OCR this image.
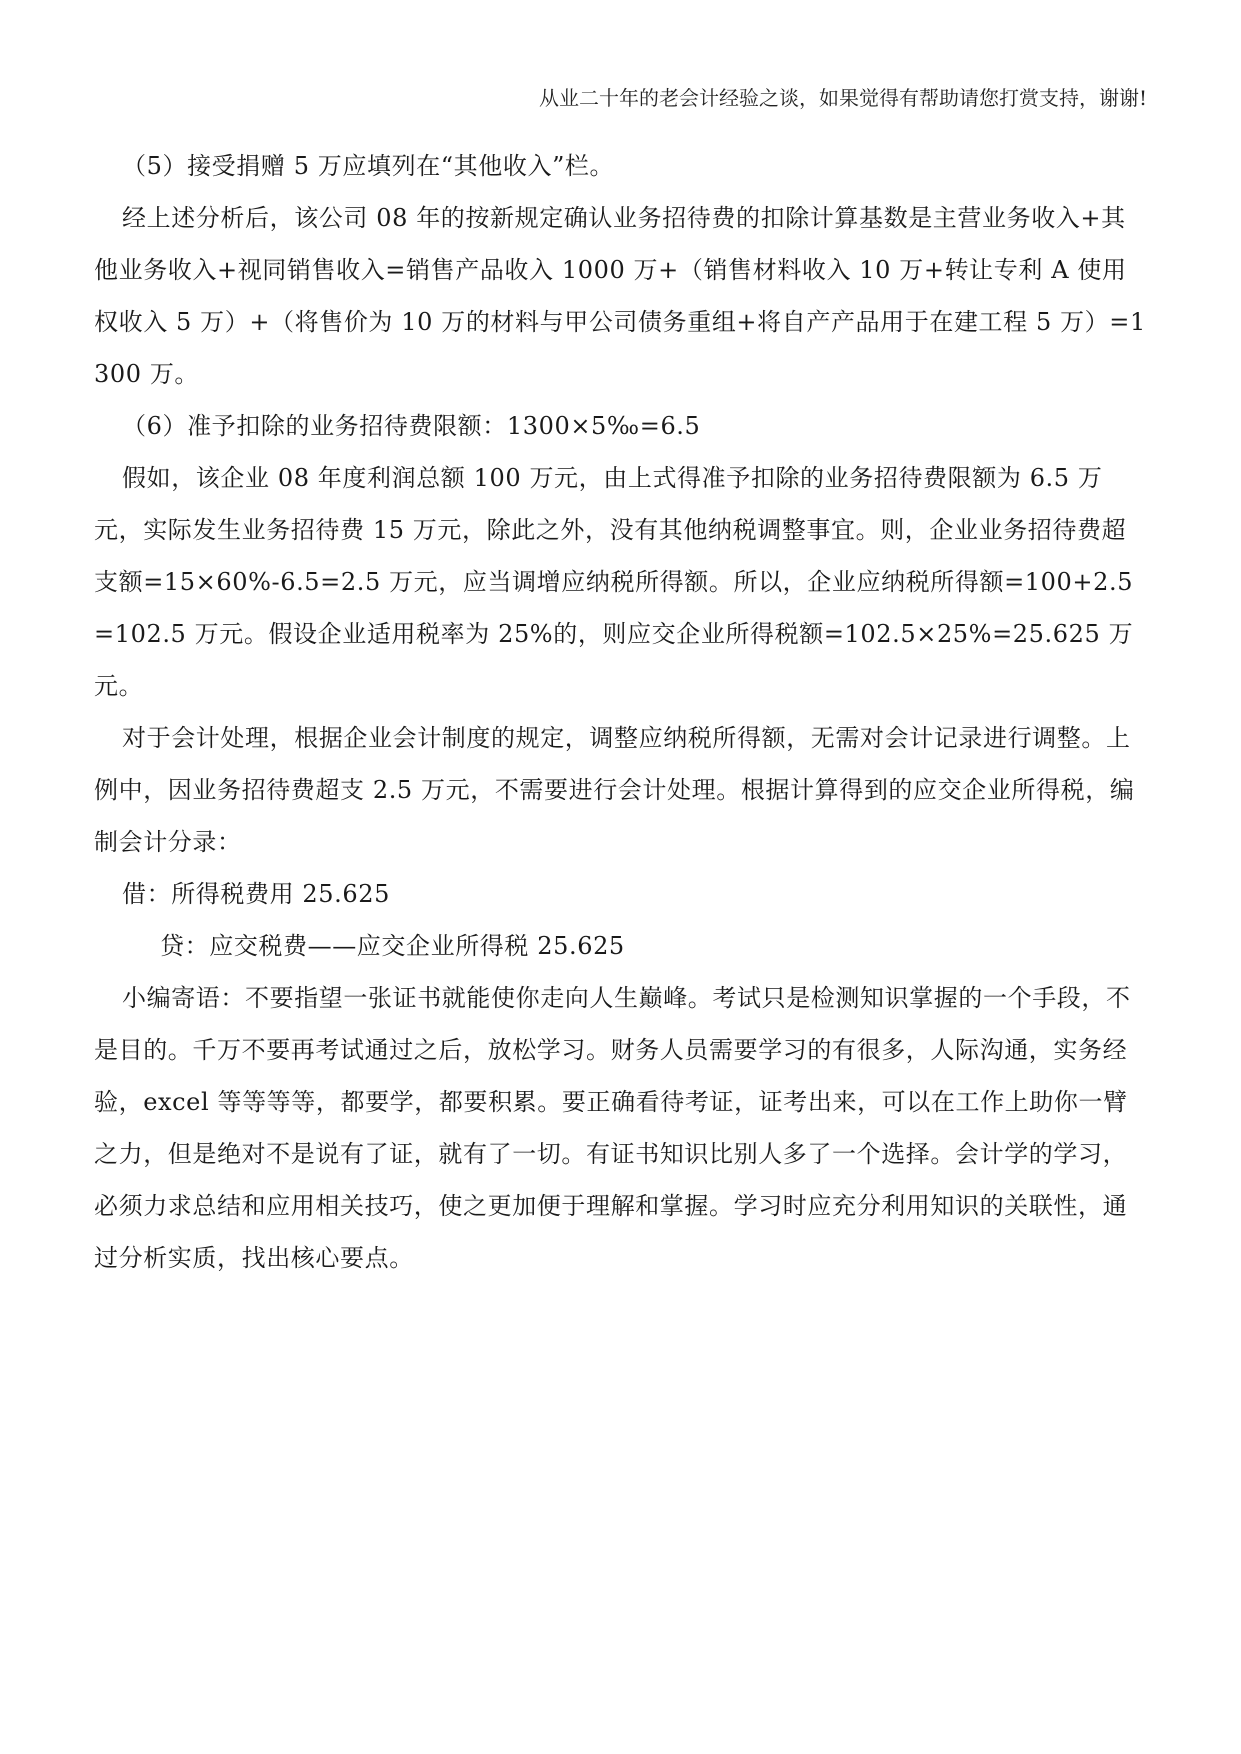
从业二十年的老会计经验之谈，如果觉得有帮助请您打赏支持，谢谢!

（5）接受捐赠 5 万应填列在“其他收入”栏。

经上述分析后，该公司 08 年的按新规定确认业务招待费的扣除计算基数是主营业务收入+其他业务收入+视同销售收入=销售产品收入 1000 万+（销售材料收入 10 万+转让专利 A 使用权收入 5 万）+（将售价为 10 万的材料与甲公司债务重组+将自产产品用于在建工程 5 万）=1300 万。

（6）准予扣除的业务招待费限额：1300×5‰=6.5

假如，该企业 08 年度利润总额 100 万元，由上式得准予扣除的业务招待费限额为 6.5 万元，实际发生业务招待费 15 万元，除此之外，没有其他纳税调整事宜。则，企业业务招待费超支额=15×60%-6.5=2.5 万元，应当调增应纳税所得额。所以，企业应纳税所得额=100+2.5=102.5 万元。假设企业适用税率为 25%的，则应交企业所得税额=102.5×25%=25.625 万元。

对于会计处理，根据企业会计制度的规定，调整应纳税所得额，无需对会计记录进行调整。上例中，因业务招待费超支 2.5 万元，不需要进行会计处理。根据计算得到的应交企业所得税，编制会计分录：

借：所得税费用 25.625

贷：应交税费——应交企业所得税 25.625

小编寄语：不要指望一张证书就能使你走向人生巅峰。考试只是检测知识掌握的一个手段，不是目的。千万不要再考试通过之后，放松学习。财务人员需要学习的有很多，人际沟通，实务经验，excel 等等等等，都要学，都要积累。要正确看待考证，证考出来，可以在工作上助你一臂之力，但是绝对不是说有了证，就有了一切。有证书知识比别人多了一个选择。会计学的学习，必须力求总结和应用相关技巧，使之更加便于理解和掌握。学习时应充分利用知识的关联性，通过分析实质，找出核心要点。
